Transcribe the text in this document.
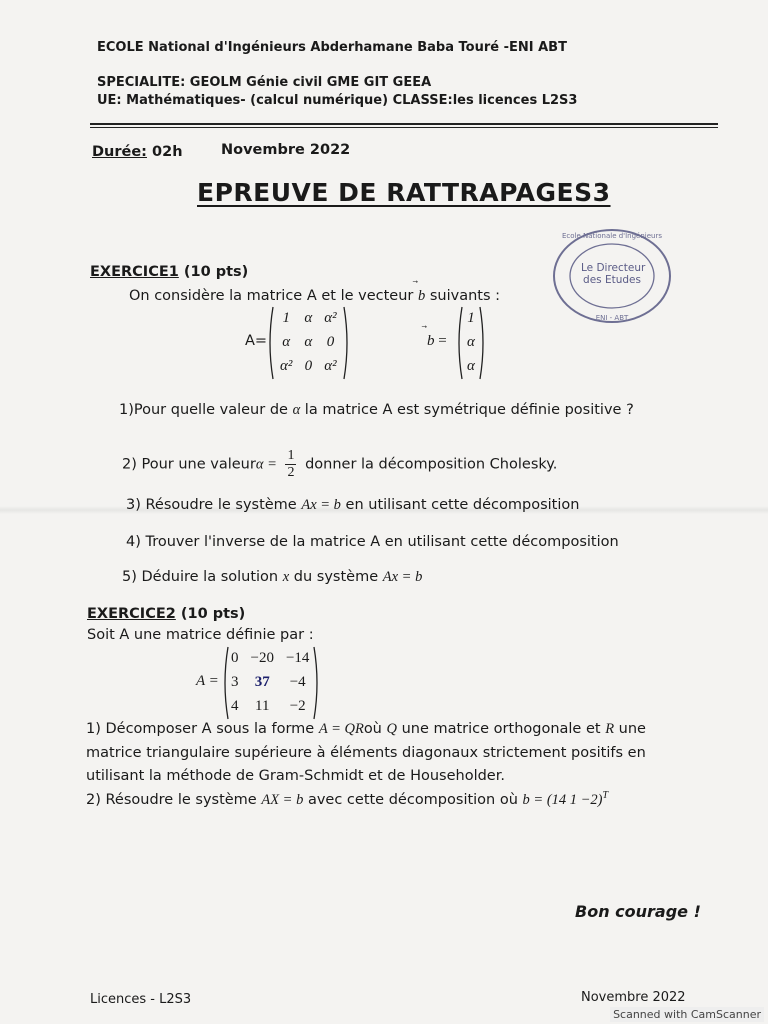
ECOLE National d'Ingénieurs Abderhamane Baba Touré -ENI ABT
SPECIALITE: GEOLM Génie civil GME GIT GEEA
UE: Mathématiques- (calcul numérique) CLASSE:les licences L2S3
Durée: 02h	Novembre 2022
EPREUVE DE RATTRAPAGES3
Ecole Nationale d'Ingénieurs
ENI - ABT
Le Directeur
des Etudes
EXERCICE1 (10 pts)
On considère la matrice A et le vecteur b suivants :
A=
1	α	α²
α	α	0
α²	0	α²
b =
1
α
α
1)Pour quelle valeur de α la matrice A est symétrique définie positive ?
2) Pour une valeurα = $\frac{1}{2}$ donner la décomposition Cholesky.
3) Résoudre le système Ax = b en utilisant cette décomposition
4) Trouver l'inverse de la matrice A en utilisant cette décomposition
5) Déduire la solution x du système Ax = b
EXERCICE2 (10 pts)
Soit A une matrice définie par :
A =
0	−20	−14
3	37	−4
4	11	−2
1) Décomposer A sous la forme A = QRoù Q une matrice orthogonale et R une
matrice triangulaire supérieure à éléments diagonaux strictement positifs en
utilisant la méthode de Gram-Schmidt et de Householder.
2) Résoudre le système AX = b avec cette décomposition où b = (14 1 −2)$^T$
Bon courage !
Licences - L2S3	Novembre 2022
Scanned with CamScanner
